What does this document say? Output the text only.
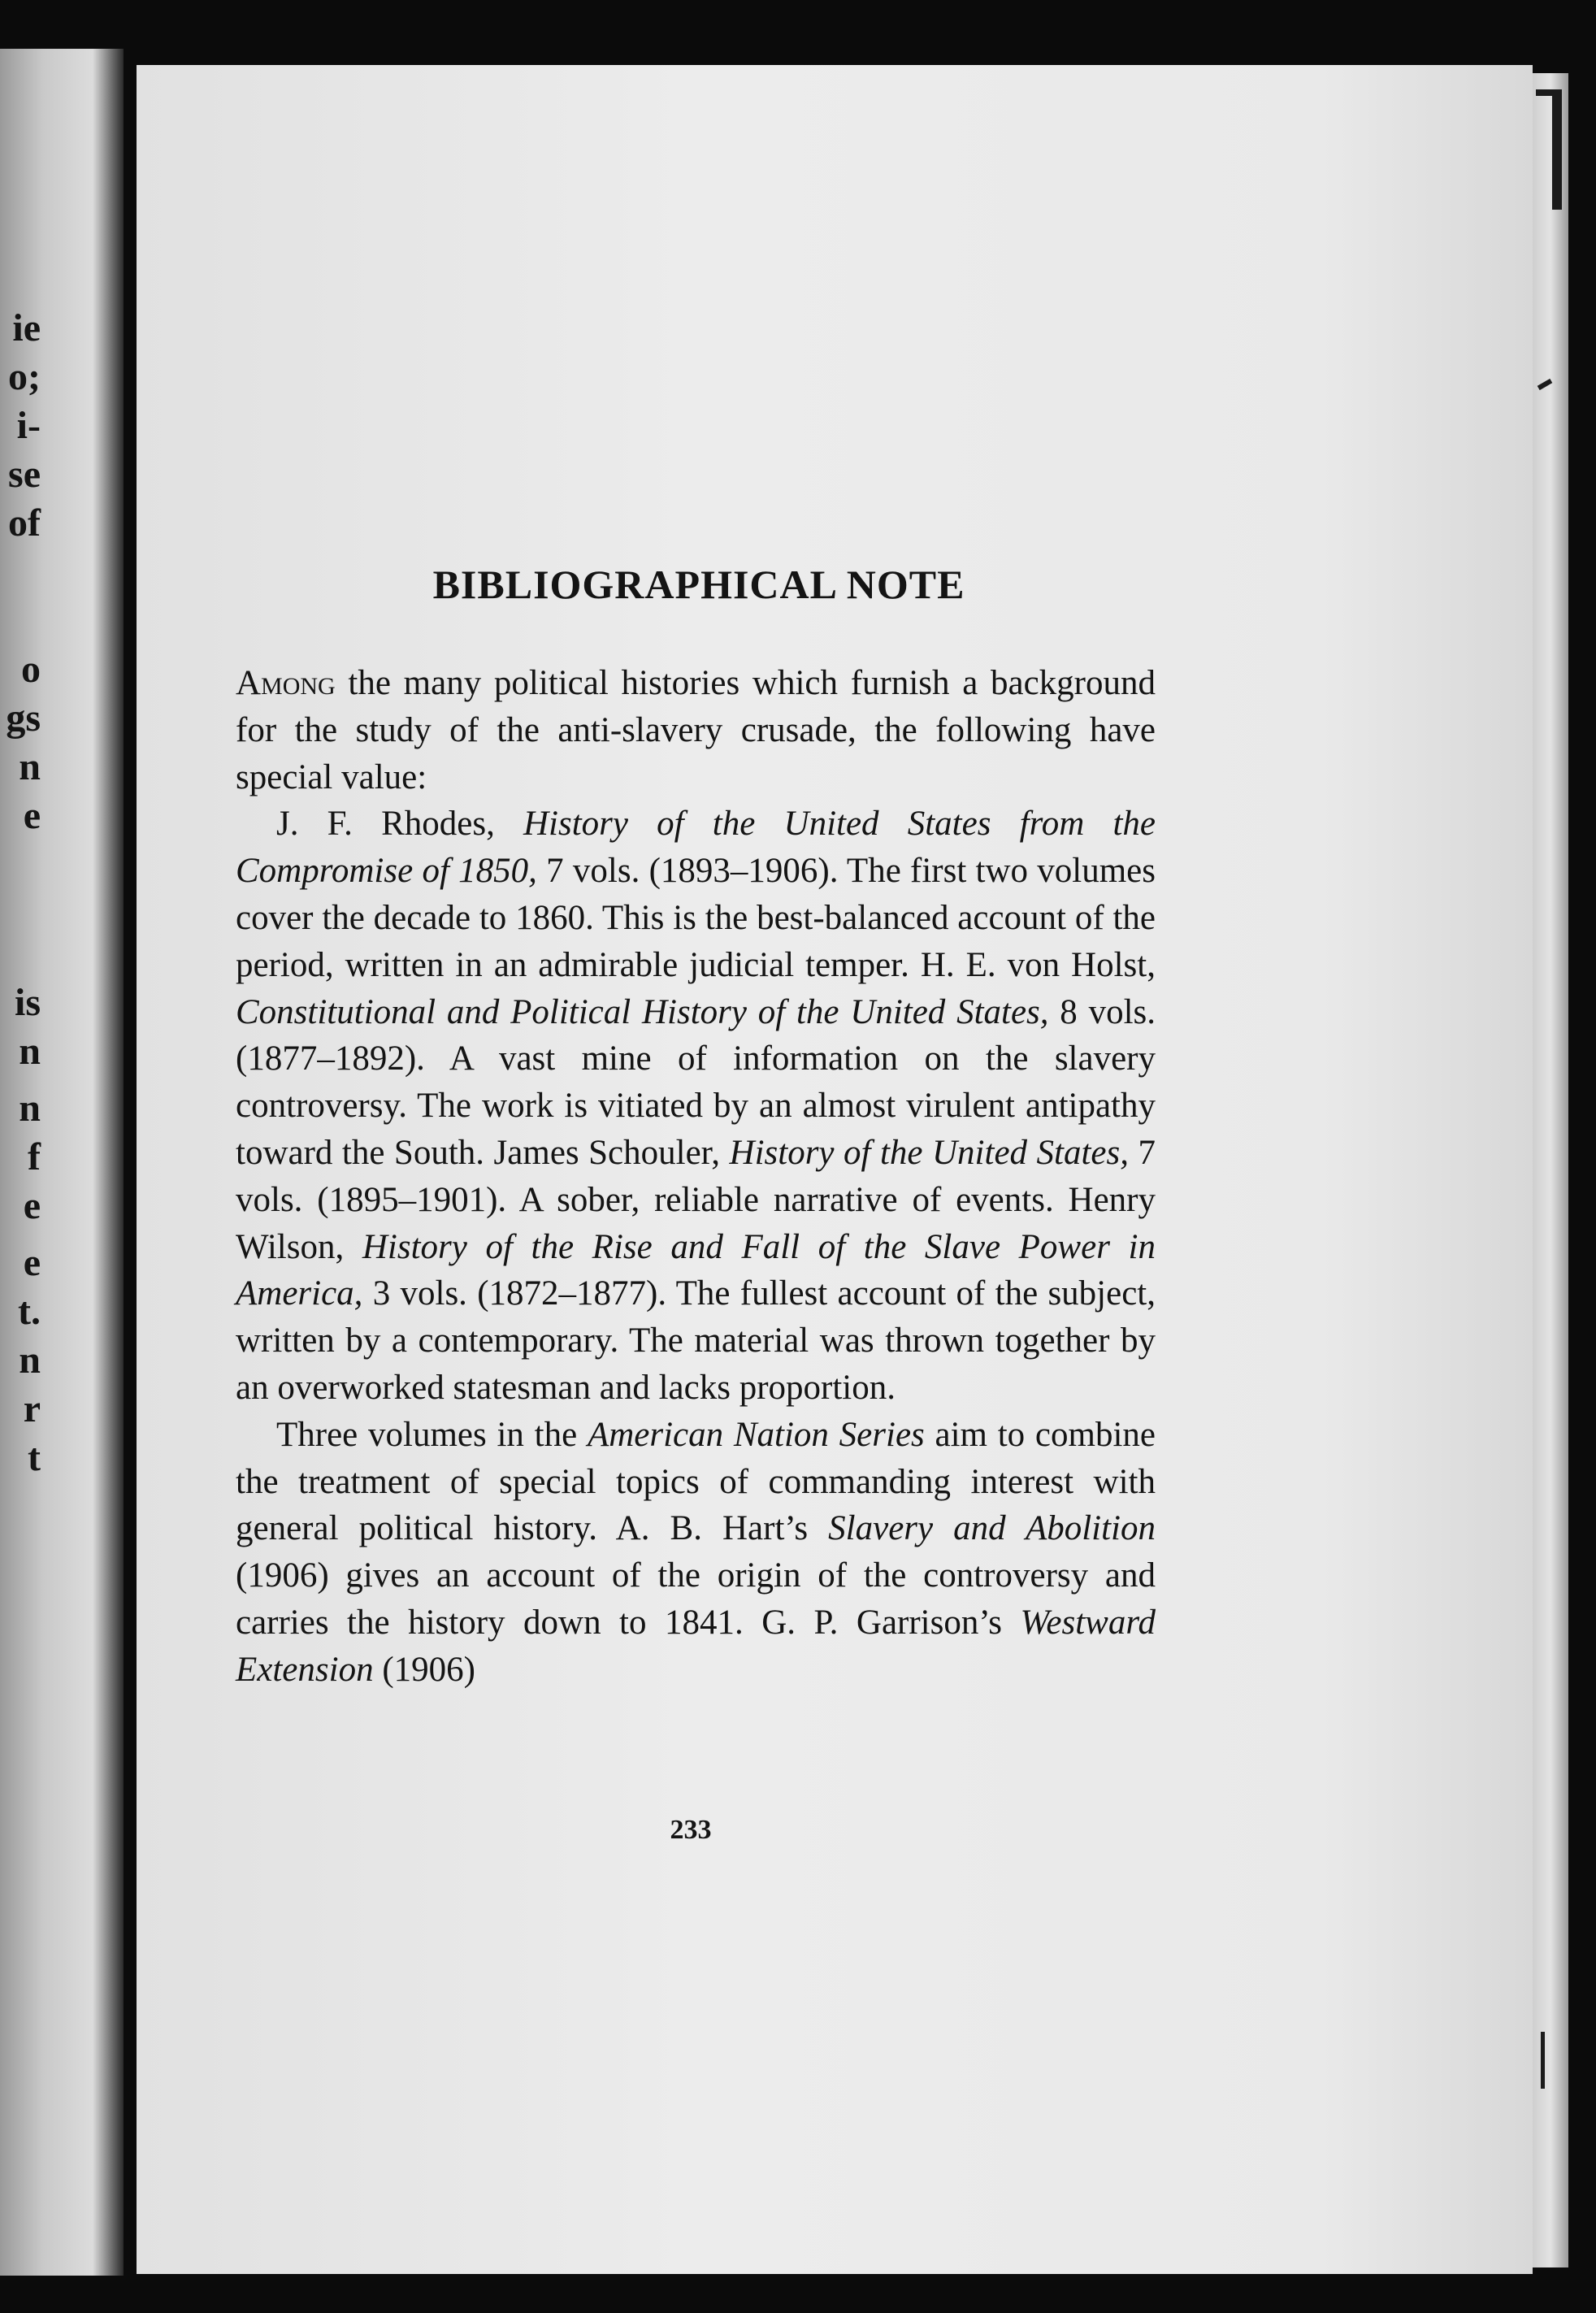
ie
o;
i-
se
of
o
gs
n
e
is
n
n
f
e
e
t.
n
r
t
BIBLIOGRAPHICAL NOTE

Among the many political histories which furnish a background for the study of the anti-slavery crusade, the following have special value:

J. F. Rhodes, History of the United States from the Compromise of 1850, 7 vols. (1893–1906). The first two volumes cover the decade to 1860. This is the best-balanced account of the period, written in an admirable judicial temper. H. E. von Holst, Constitutional and Political History of the United States, 8 vols. (1877–1892). A vast mine of information on the slavery controversy. The work is vitiated by an almost virulent antipathy toward the South. James Schouler, History of the United States, 7 vols. (1895–1901). A sober, reliable narrative of events. Henry Wilson, History of the Rise and Fall of the Slave Power in America, 3 vols. (1872–1877). The fullest account of the subject, written by a contemporary. The material was thrown together by an overworked statesman and lacks proportion.

Three volumes in the American Nation Series aim to combine the treatment of special topics of commanding interest with general political history. A. B. Hart’s Slavery and Abolition (1906) gives an account of the origin of the controversy and carries the history down to 1841. G. P. Garrison’s Westward Extension (1906)

233
